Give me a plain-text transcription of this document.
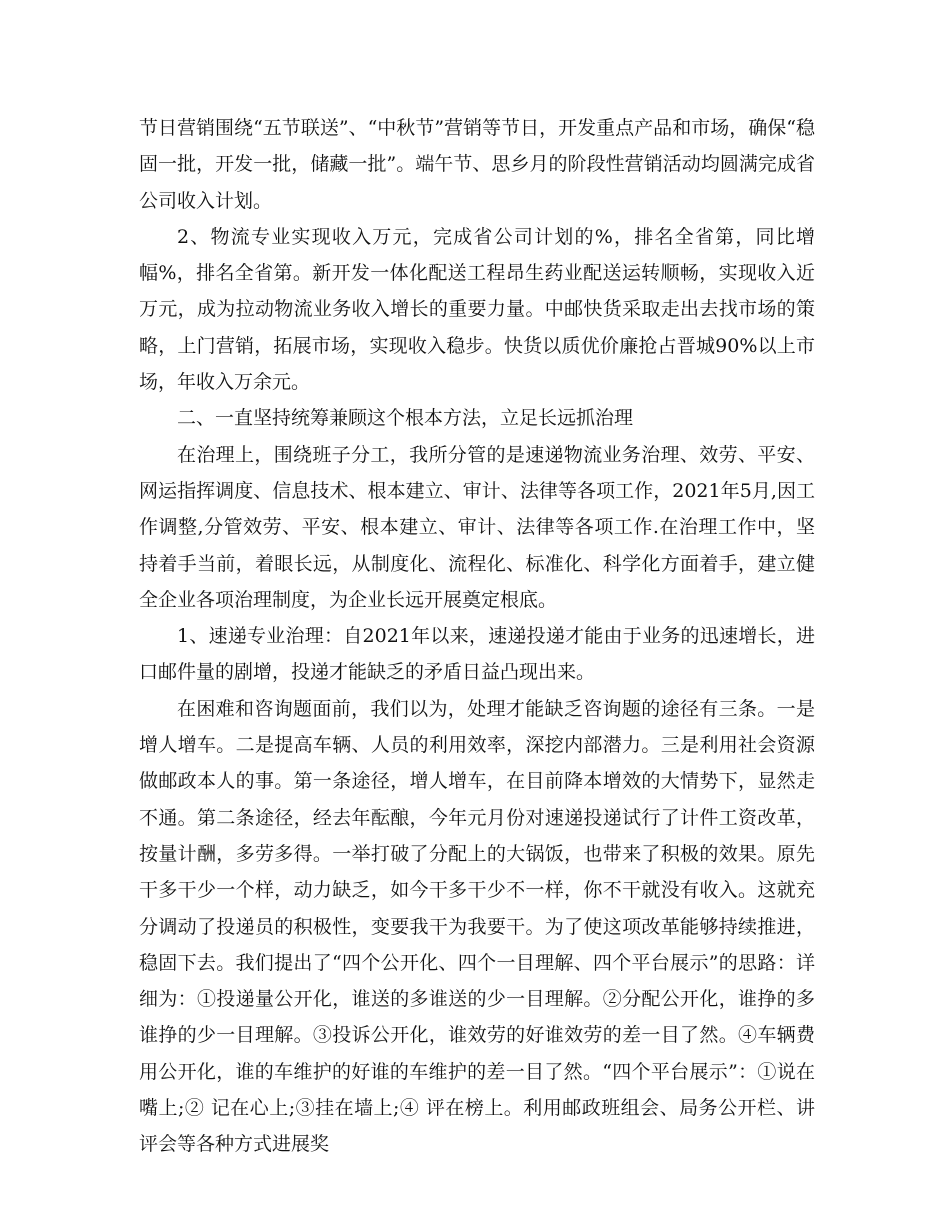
节日营销围绕“五节联送”、“中秋节”营销等节日，开发重点产品和市场，确保“稳固一批，开发一批，储藏一批”。端午节、思乡月的阶段性营销活动均圆满完成省公司收入计划。

2、物流专业实现收入万元，完成省公司计划的%，排名全省第，同比增幅%，排名全省第。新开发一体化配送工程昂生药业配送运转顺畅，实现收入近万元，成为拉动物流业务收入增长的重要力量。中邮快货采取走出去找市场的策略，上门营销，拓展市场，实现收入稳步。快货以质优价廉抢占晋城90%以上市场，年收入万余元。

二、一直坚持统筹兼顾这个根本方法，立足长远抓治理

在治理上，围绕班子分工，我所分管的是速递物流业务治理、效劳、平安、网运指挥调度、信息技术、根本建立、审计、法律等各项工作，2021年5月,因工作调整,分管效劳、平安、根本建立、审计、法律等各项工作.在治理工作中，坚持着手当前，着眼长远，从制度化、流程化、标准化、科学化方面着手，建立健全企业各项治理制度，为企业长远开展奠定根底。

1、速递专业治理：自2021年以来，速递投递才能由于业务的迅速增长，进口邮件量的剧增，投递才能缺乏的矛盾日益凸现出来。

在困难和咨询题面前，我们以为，处理才能缺乏咨询题的途径有三条。一是增人增车。二是提高车辆、人员的利用效率，深挖内部潜力。三是利用社会资源做邮政本人的事。第一条途径，增人增车，在目前降本增效的大情势下，显然走不通。第二条途径，经去年酝酿，今年元月份对速递投递试行了计件工资改革，按量计酬，多劳多得。一举打破了分配上的大锅饭，也带来了积极的效果。原先干多干少一个样，动力缺乏，如今干多干少不一样，你不干就没有收入。这就充分调动了投递员的积极性，变要我干为我要干。为了使这项改革能够持续推进，稳固下去。我们提出了“四个公开化、四个一目理解、四个平台展示”的思路：详细为：①投递量公开化，谁送的多谁送的少一目理解。②分配公开化，谁挣的多谁挣的少一目理解。③投诉公开化，谁效劳的好谁效劳的差一目了然。④车辆费用公开化，谁的车维护的好谁的车维护的差一目了然。“四个平台展示”：①说在嘴上;② 记在心上;③挂在墙上;④ 评在榜上。利用邮政班组会、局务公开栏、讲评会等各种方式进展奖
